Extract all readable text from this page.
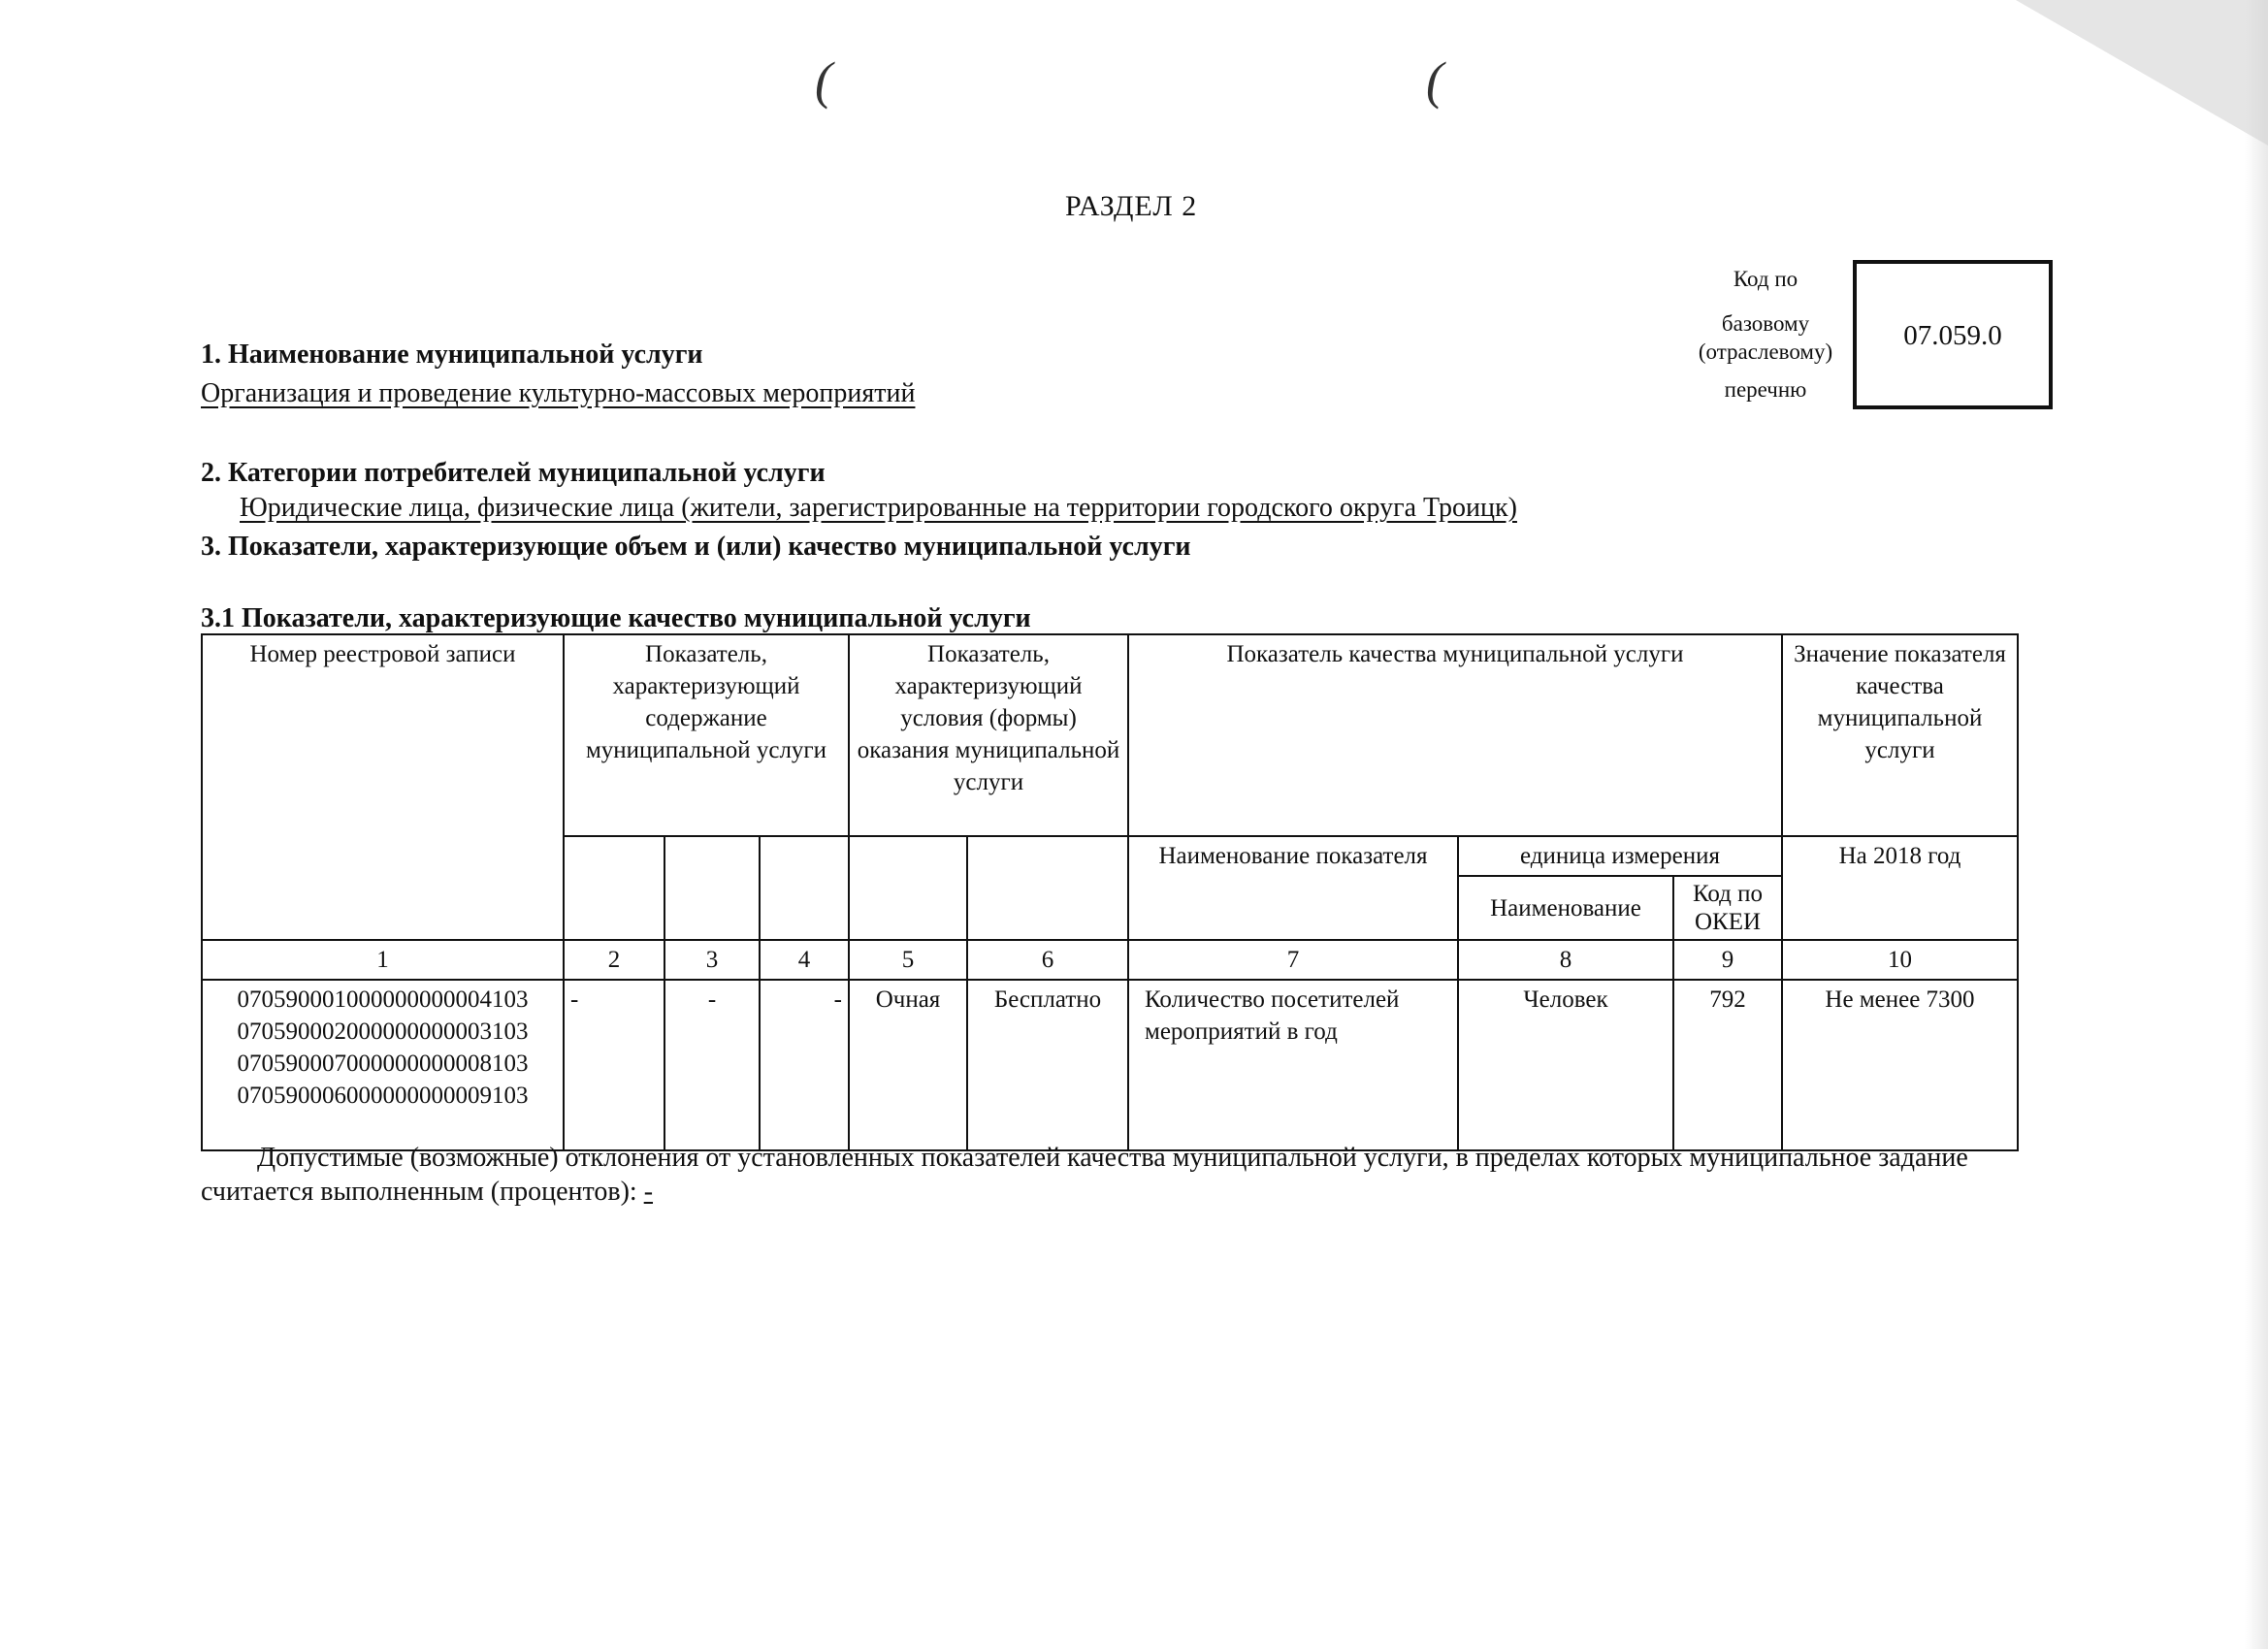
(	(
РАЗДЕЛ 2
Код по
базовому
(отраслевому)
перечню
07.059.0
1. Наименование муниципальной услуги
Организация и проведение культурно-массовых мероприятий
2. Категории потребителей муниципальной услуги
Юридические лица, физические лица (жители, зарегистрированные на территории городского округа Троицк)
3. Показатели, характеризующие объем и (или) качество муниципальной услуги
3.1 Показатели, характеризующие качество муниципальной услуги
Номер реестровой записи	Показатель, характеризующий содержание муниципальной услуги			Показатель, характеризующий условия (формы) оказания муниципальной услуги		Показатель качества муниципальной услуги			Значение показателя качества муниципальной услуги
						Наименование показателя	единица измерения		На 2018 год
							Наименование	Код по ОКЕИ	
1	2	3	4	5	6	7	8	9	10

070590001000000000004103
070590002000000000003103
070590007000000000008103
070590006000000000009103	-	-	-	Очная	Бесплатно	Количество посетителей мероприятий в год	Человек	792	Не менее 7300
Допустимые (возможные) отклонения от установленных показателей качества муниципальной услуги, в пределах которых муниципальное задание считается выполненным (процентов): -
